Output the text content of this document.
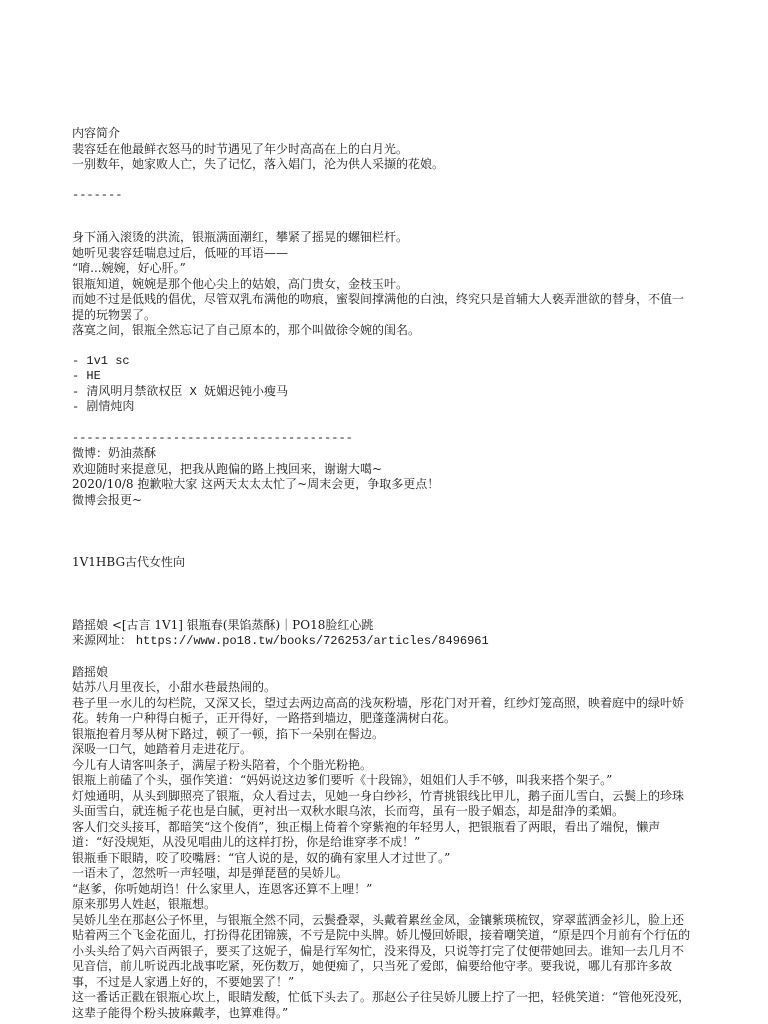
内容简介
裴容廷在他最鲜衣怒马的时节遇见了年少时高高在上的白月光。
一别数年，她家败人亡，失了记忆，落入娼门，沦为供人采撷的花娘。
-------
身下涌入滚烫的洪流，银瓶满面潮红，攀紧了摇晃的螺钿栏杆。
她听见裴容廷喘息过后，低哑的耳语——
“唷...婉婉，好心肝。”
银瓶知道，婉婉是那个他心尖上的姑娘，高门贵女，金枝玉叶。
而她不过是低贱的倡优，尽管双乳布满他的吻痕，蜜裂间撑满他的白浊，终究只是首辅大人亵弄泄欲的替身，不值一提的玩物罢了。
落寞之间，银瓶全然忘记了自己原本的，那个叫做徐令婉的闺名。
- 1v1 sc
- HE
- 清风明月禁欲权臣 X 妩媚迟钝小瘦马
- 剧情炖肉
---------------------------------------
微博：奶油蒸酥
欢迎随时来提意见，把我从跑偏的路上拽回来，谢谢大噶~
2020/10/8 抱歉啦大家 这两天太太太忙了~周末会更，争取多更点！
微博会报更~
1V1HBG古代女性向
踏摇娘 <[古言 1V1] 银瓶春(果馅蒸酥)｜PO18脸红心跳
来源网址： https://www.po18.tw/books/726253/articles/8496961
踏摇娘
姑苏八月里夜长，小甜水巷最热闹的。
巷子里一水儿的勾栏院，又深又长，望过去两边高高的浅灰粉墙，彤花门对开着，红纱灯笼高照，映着庭中的绿叶娇花。转角一户种得白栀子，正开得好，一路搭到墙边，肥蓬蓬满树白花。
银瓶抱着月琴从树下路过，顿了一顿，掐下一朵别在髻边。
深吸一口气，她踏着月走进花厅。
今儿有人请客叫条子，满屋子粉头陪着，个个脂光粉艳。
银瓶上前磕了个头，强作笑道：“妈妈说这边爹们要听《十段锦》，姐姐们人手不够，叫我来搭个架子。”
灯烛通明，从头到脚照亮了银瓶，众人看过去，见她一身白纱衫，竹青挑银线比甲儿，鹅子面儿雪白，云鬓上的珍珠头面雪白，就连栀子花也是白腻，更衬出一双秋水眼乌浓，长而弯，虽有一股子媚态，却是甜净的柔媚。
客人们交头接耳，都暗笑“这个俊俏”，独正榻上倚着个穿紫袍的年轻男人，把银瓶看了两眼，看出了端倪，懒声道：“好没规矩，从没见唱曲儿的这样打扮，你是给谁穿孝不成！”
银瓶垂下眼睛，咬了咬嘴唇：“官人说的是，奴的确有家里人才过世了。”
一语未了，忽然听一声轻嗤，却是弹琵琶的吴娇儿。
“赵爹，你听她胡诌！什么家里人，连恩客还算不上哩！”
原来那男人姓赵，银瓶想。
吴娇儿坐在那赵公子怀里，与银瓶全然不同，云鬓叠翠，头戴着累丝金凤，金镶紫瑛梳钗，穿翠蓝洒金衫儿，脸上还贴着两三个飞金花面儿，打扮得花团锦簇，不亏是院中头牌。娇儿慢回娇眼，接着嘲笑道，“原是四个月前有个行伍的小头头给了妈六百两银子，要买了这妮子，偏是行军匆忙，没来得及，只说等打完了仗便带她回去。谁知一去几月不见音信，前儿听说西北战事吃紧，死伤数万，她便痴了，只当死了爱郎，偏要给他守孝。要我说，哪儿有那许多故事，不过是人家遇上好的，不要她罢了！”
这一番话正戳在银瓶心坎上，眼睛发酸，忙低下头去了。那赵公子往吴娇儿腰上拧了一把，轻佻笑道：“管他死没死，这辈子能得个粉头披麻戴孝，也算难得。”
